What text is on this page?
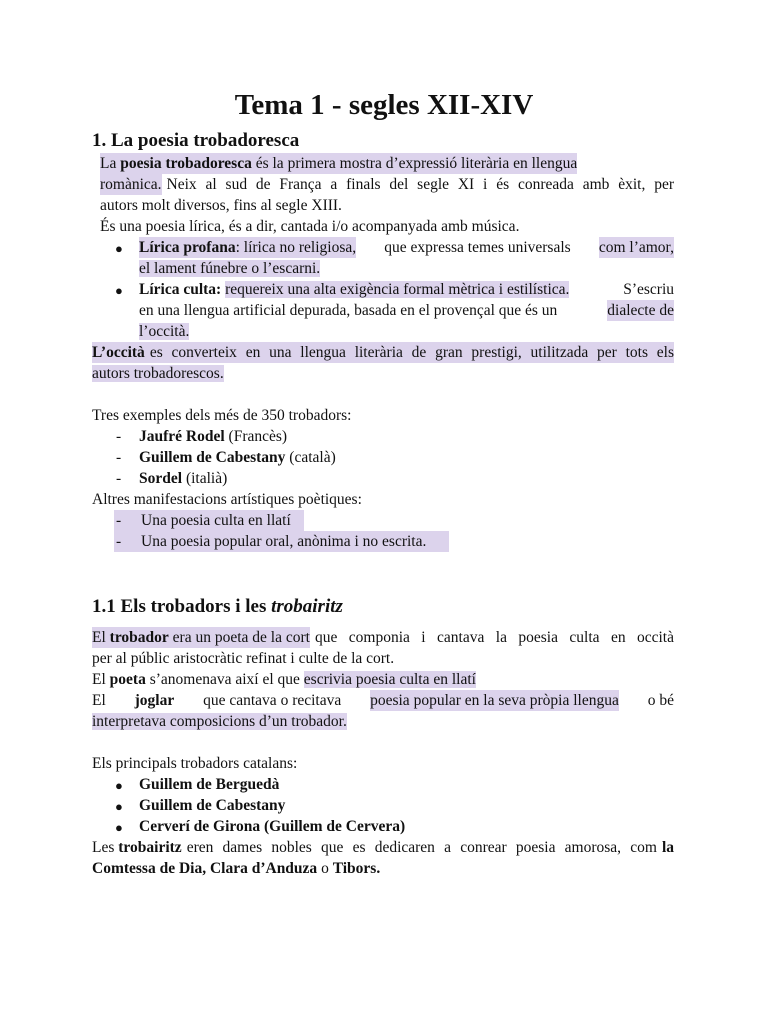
Tema 1 - segles XII-XIV
1. La poesia trobadoresca
La poesia trobadoresca és la primera mostra d’expressió literària en llengua
romànica. Neix al sud de França a finals del segle XI i és conreada amb èxit, per
autors molt diversos, fins al segle XIII.
És una poesia lírica, és a dir, cantada i/o acompanyada amb música.
● Lírica profana: lírica no religiosa, que expressa temes universals com l’amor,
el lament fúnebre o l’escarni.
● Lírica culta: requereix una alta exigència formal mètrica i estilística.	S’escriu
en una llengua artificial depurada, basada en el provençal que és un	dialecte de
l’occità.
L’occità es converteix en una llengua literària de gran prestigi, utilitzada per tots els
autors trobadorescos.
Tres exemples dels més de 350 trobadors:
- Jaufré Rodel (Francès)
- Guillem de Cabestany (català)
- Sordel (italià)
Altres manifestacions artístiques poètiques:
- Una poesia culta en llatí
- Una poesia popular oral, anònima i no escrita.
1.1 Els trobadors i les trobairitz
El trobador era un poeta de la cort que componia i cantava la poesia culta en occità
per al públic aristocràtic refinat i culte de la cort.
El poeta s’anomenava així el que escrivia poesia culta en llatí
El joglar que cantava o recitava poesia popular en la seva pròpia llengua o bé
interpretava composicions d’un trobador.
Els principals trobadors catalans:
● Guillem de Berguedà
● Guillem de Cabestany
● Cerverí de Girona (Guillem de Cervera)
Les trobairitz eren dames nobles que es dedicaren a conrear poesia amorosa, com la
Comtessa de Dia, Clara d’Anduza o Tibors.
